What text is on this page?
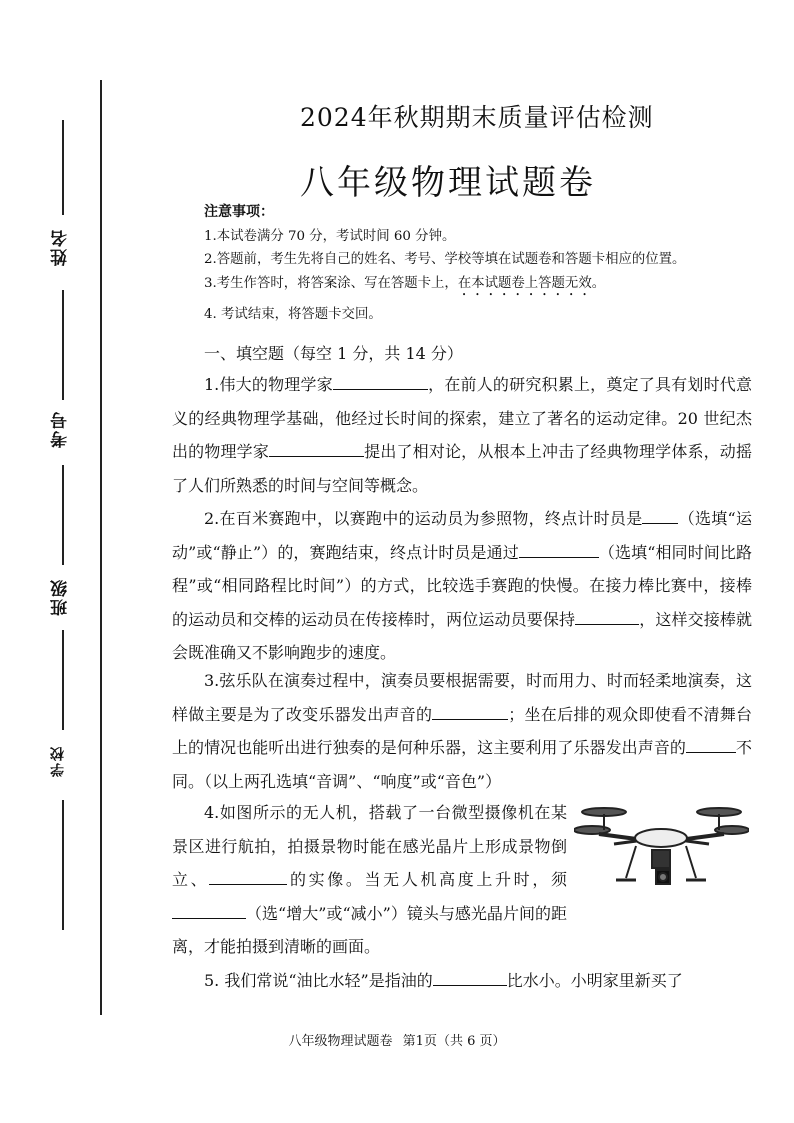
姓名
考号
班级
学校
2024年秋期期末质量评估检测
八年级物理试题卷
注意事项：
1.本试卷满分 70 分，考试时间 60 分钟。
2.答题前，考生先将自己的姓名、考号、学校等填在试题卷和答题卡相应的位置。
3.考生作答时，将答案涂、写在答题卡上，在本试题卷上答题无效。
4. 考试结束，将答题卡交回。
一、填空题（每空 1 分，共 14 分）
1.伟大的物理学家	，在前人的研究积累上，奠定了具有划时代意义的经典物理学基础，他经过长时间的探索，建立了著名的运动定律。20 世纪杰出的物理学家	提出了相对论，从根本上冲击了经典物理学体系，动摇了人们所熟悉的时间与空间等概念。
2.在百米赛跑中，以赛跑中的运动员为参照物，终点计时员是 （选填“运动”或“静止”）的，赛跑结束，终点计时员是通过	（选填“相同时间比路程”或“相同路程比时间”）的方式，比较选手赛跑的快慢。在接力棒比赛中，接棒的运动员和交棒的运动员在传接棒时，两位运动员要保持	，这样交接棒就会既准确又不影响跑步的速度。
3.弦乐队在演奏过程中，演奏员要根据需要，时而用力、时而轻柔地演奏，这样做主要是为了改变乐器发出声音的	；坐在后排的观众即使看不清舞台上的情况也能听出进行独奏的是何种乐器，这主要利用了乐器发出声音的	不同。（以上两孔选填“音调”、“响度”或“音色”）
4.如图所示的无人机，搭载了一台微型摄像机在某景区进行航拍，拍摄景物时能在感光晶片上形成景物倒立、	的实像。当无人机高度上升时，须（选“增大”或“减小”）镜头与感光晶片间的距离，才能拍摄到清晰的画面。
5. 我们常说“油比水轻”是指油的	比水小。小明家里新买了
八年级物理试题卷 第1页（共 6 页）
